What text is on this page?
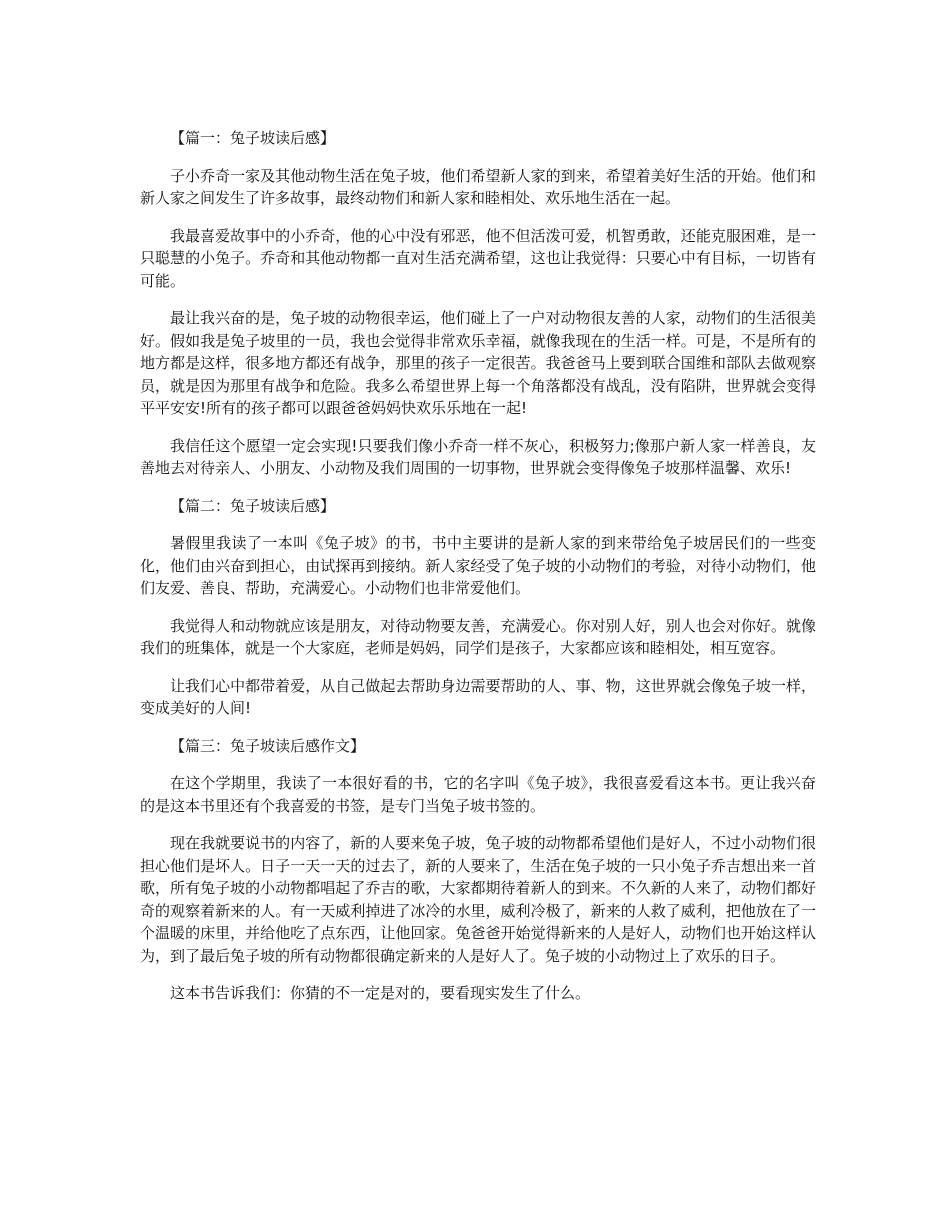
【篇一：兔子坡读后感】

子小乔奇一家及其他动物生活在兔子坡，他们希望新人家的到来，希望着美好生活的开始。他们和新人家之间发生了许多故事，最终动物们和新人家和睦相处、欢乐地生活在一起。

我最喜爱故事中的小乔奇，他的心中没有邪恶，他不但活泼可爱，机智勇敢，还能克服困难，是一只聪慧的小兔子。乔奇和其他动物都一直对生活充满希望，这也让我觉得：只要心中有目标，一切皆有可能。

最让我兴奋的是，兔子坡的动物很幸运，他们碰上了一户对动物很友善的人家，动物们的生活很美好。假如我是兔子坡里的一员，我也会觉得非常欢乐幸福，就像我现在的生活一样。可是，不是所有的地方都是这样，很多地方都还有战争，那里的孩子一定很苦。我爸爸马上要到联合国维和部队去做观察员，就是因为那里有战争和危险。我多么希望世界上每一个角落都没有战乱，没有陷阱，世界就会变得平平安安!所有的孩子都可以跟爸爸妈妈快欢乐乐地在一起!

我信任这个愿望一定会实现!只要我们像小乔奇一样不灰心，积极努力;像那户新人家一样善良，友善地去对待亲人、小朋友、小动物及我们周围的一切事物，世界就会变得像兔子坡那样温馨、欢乐!

【篇二：兔子坡读后感】

暑假里我读了一本叫《兔子坡》的书，书中主要讲的是新人家的到来带给兔子坡居民们的一些变化，他们由兴奋到担心，由试探再到接纳。新人家经受了兔子坡的小动物们的考验，对待小动物们，他们友爱、善良、帮助，充满爱心。小动物们也非常爱他们。

我觉得人和动物就应该是朋友，对待动物要友善，充满爱心。你对别人好，别人也会对你好。就像我们的班集体，就是一个大家庭，老师是妈妈，同学们是孩子，大家都应该和睦相处，相互宽容。

让我们心中都带着爱，从自己做起去帮助身边需要帮助的人、事、物，这世界就会像兔子坡一样，变成美好的人间!

【篇三：兔子坡读后感作文】

在这个学期里，我读了一本很好看的书，它的名字叫《兔子坡》，我很喜爱看这本书。更让我兴奋的是这本书里还有个我喜爱的书签，是专门当兔子坡书签的。

现在我就要说书的内容了，新的人要来兔子坡，兔子坡的动物都希望他们是好人，不过小动物们很担心他们是坏人。日子一天一天的过去了，新的人要来了，生活在兔子坡的一只小兔子乔吉想出来一首歌，所有兔子坡的小动物都唱起了乔吉的歌，大家都期待着新人的到来。不久新的人来了，动物们都好奇的观察着新来的人。有一天威利掉进了冰冷的水里，威利冷极了，新来的人救了威利，把他放在了一个温暖的床里，并给他吃了点东西，让他回家。兔爸爸开始觉得新来的人是好人，动物们也开始这样认为，到了最后兔子坡的所有动物都很确定新来的人是好人了。兔子坡的小动物过上了欢乐的日子。

这本书告诉我们：你猜的不一定是对的，要看现实发生了什么。
